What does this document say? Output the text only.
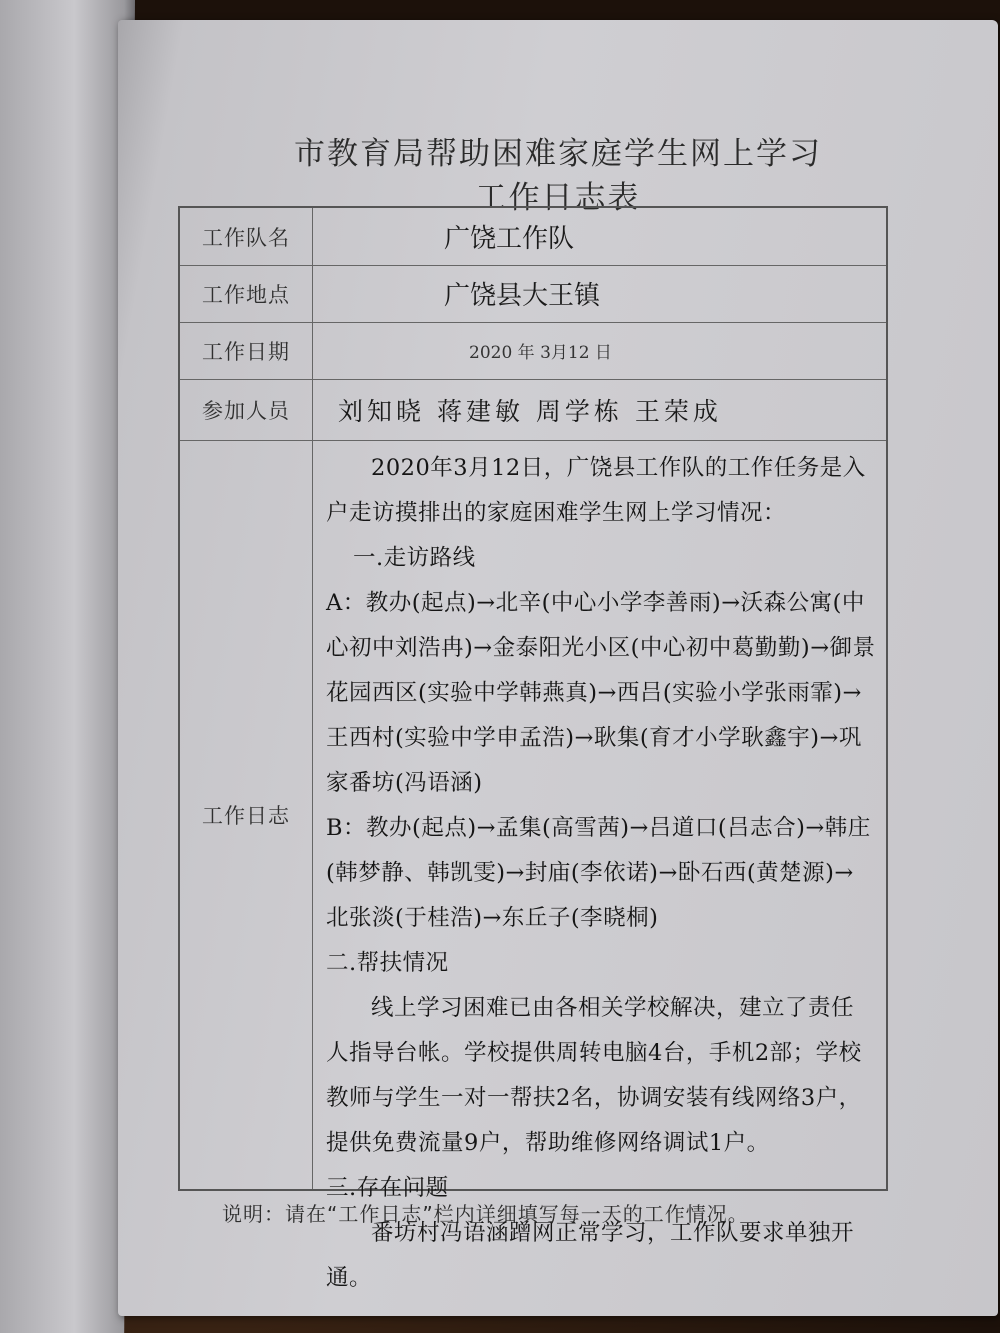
市教育局帮助困难家庭学生网上学习
工作日志表
工作队名	广饶工作队
工作地点	广饶县大王镇
工作日期	2020 年 3月12 日
参加人员	刘知晓 蒋建敏 周学栋 王荣成
工作日志

2020年3月12日，广饶县工作队的工作任务是入户走访摸排出的家庭困难学生网上学习情况：

一.走访路线

A：教办(起点)→北辛(中心小学李善雨)→沃森公寓(中心初中刘浩冉)→金泰阳光小区(中心初中葛勤勤)→御景花园西区(实验中学韩燕真)→西吕(实验小学张雨霏)→王西村(实验中学申孟浩)→耿集(育才小学耿鑫宇)→巩家番坊(冯语涵)

B：教办(起点)→孟集(高雪茜)→吕道口(吕志合)→韩庄(韩梦静、韩凯雯)→封庙(李依诺)→卧石西(黄楚源)→北张淡(于桂浩)→东丘子(李晓桐)

二.帮扶情况

线上学习困难已由各相关学校解决，建立了责任人指导台帐。学校提供周转电脑4台，手机2部；学校教师与学生一对一帮扶2名，协调安装有线网络3户，提供免费流量9户，帮助维修网络调试1户。

三.存在问题

番坊村冯语涵蹭网正常学习，工作队要求单独开通。

说明：请在“工作日志”栏内详细填写每一天的工作情况。
